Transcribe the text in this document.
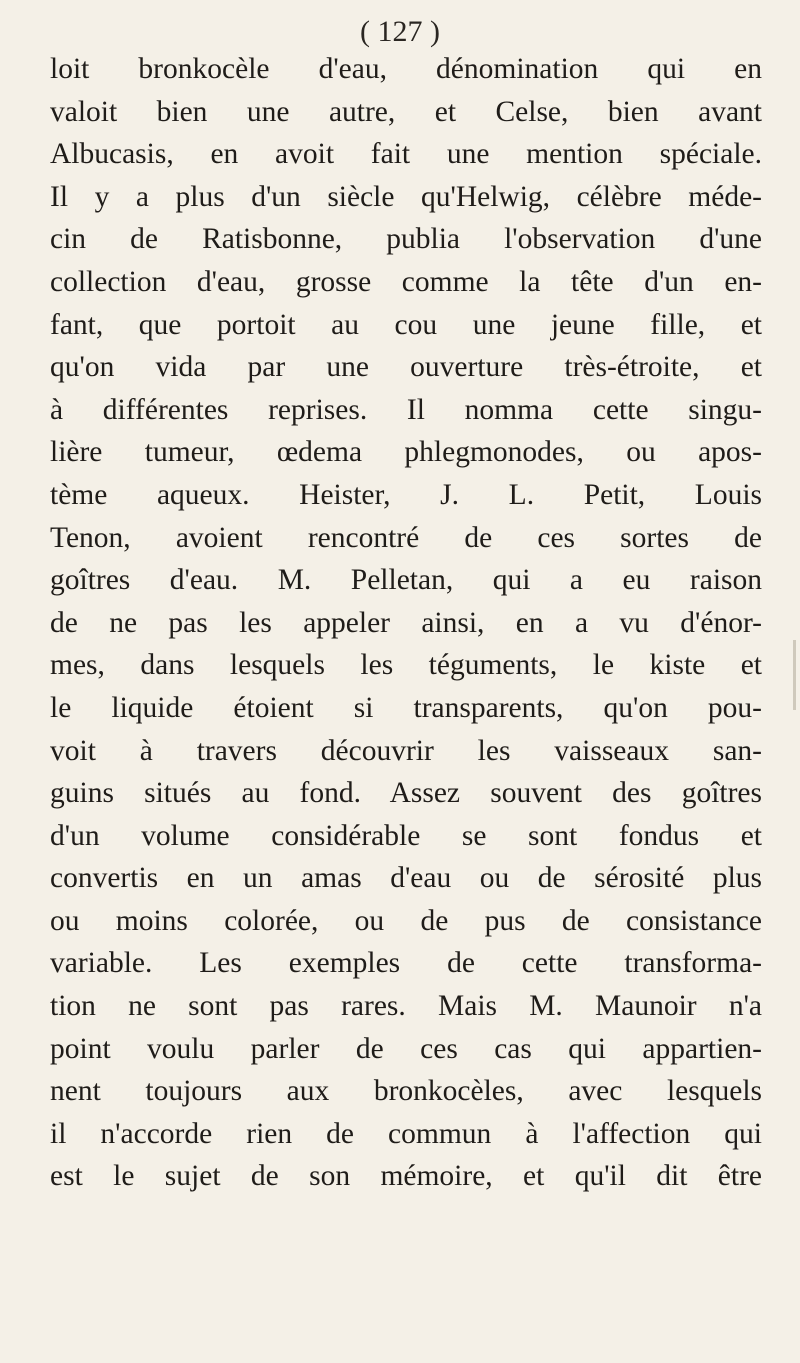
( 127 )
loit bronkocèle d'eau, dénomination qui en
valoit bien une autre, et Celse, bien avant
Albucasis, en avoit fait une mention spéciale.
Il y a plus d'un siècle qu'Helwig, célèbre méde-
cin de Ratisbonne, publia l'observation d'une
collection d'eau, grosse comme la tête d'un en-
fant, que portoit au cou une jeune fille, et
qu'on vida par une ouverture très-étroite, et
à différentes reprises. Il nomma cette singu-
lière tumeur, œdema phlegmonodes, ou apos-
tème aqueux. Heister, J. L. Petit, Louis
Tenon, avoient rencontré de ces sortes de
goîtres d'eau. M. Pelletan, qui a eu raison
de ne pas les appeler ainsi, en a vu d'énor-
mes, dans lesquels les téguments, le kiste et
le liquide étoient si transparents, qu'on pou-
voit à travers découvrir les vaisseaux san-
guins situés au fond. Assez souvent des goîtres
d'un volume considérable se sont fondus et
convertis en un amas d'eau ou de sérosité plus
ou moins colorée, ou de pus de consistance
variable. Les exemples de cette transforma-
tion ne sont pas rares. Mais M. Maunoir n'a
point voulu parler de ces cas qui appartien-
nent toujours aux bronkocèles, avec lesquels
il n'accorde rien de commun à l'affection qui
est le sujet de son mémoire, et qu'il dit être
